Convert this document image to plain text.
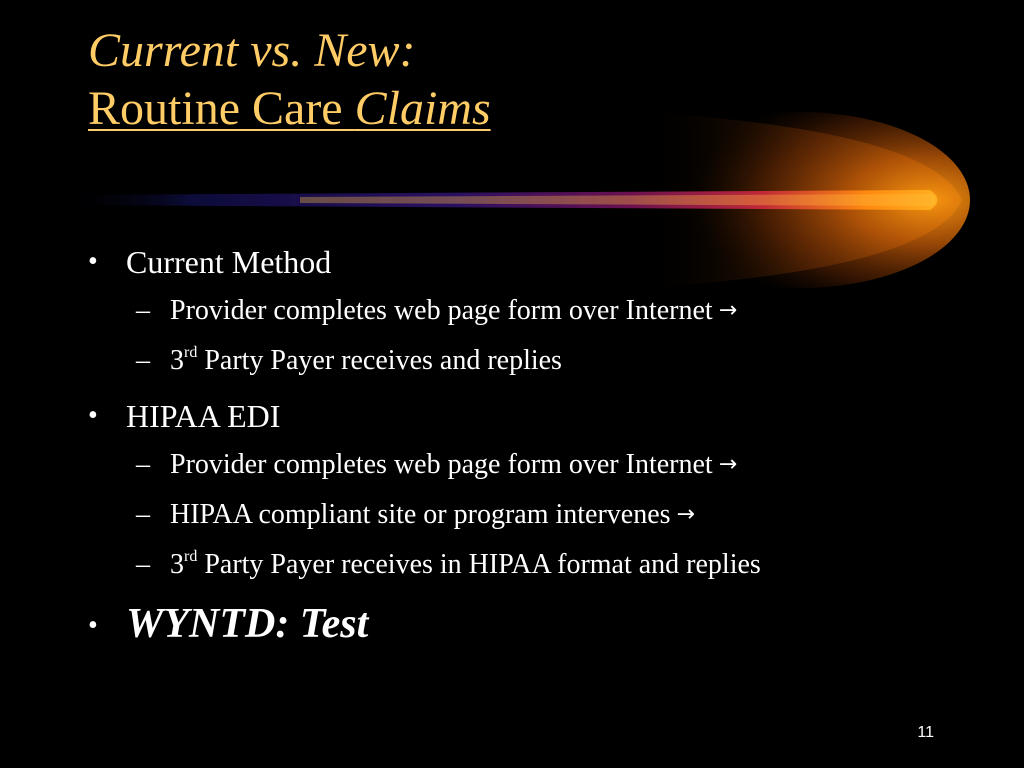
Current vs. New:
Routine Care Claims
• Current Method
– Provider completes web page form over Internet →
– 3rd Party Payer receives and replies
• HIPAA EDI
– Provider completes web page form over Internet →
– HIPAA compliant site or program intervenes →
– 3rd Party Payer receives in HIPAA format and replies
• WYNTD: Test
11
